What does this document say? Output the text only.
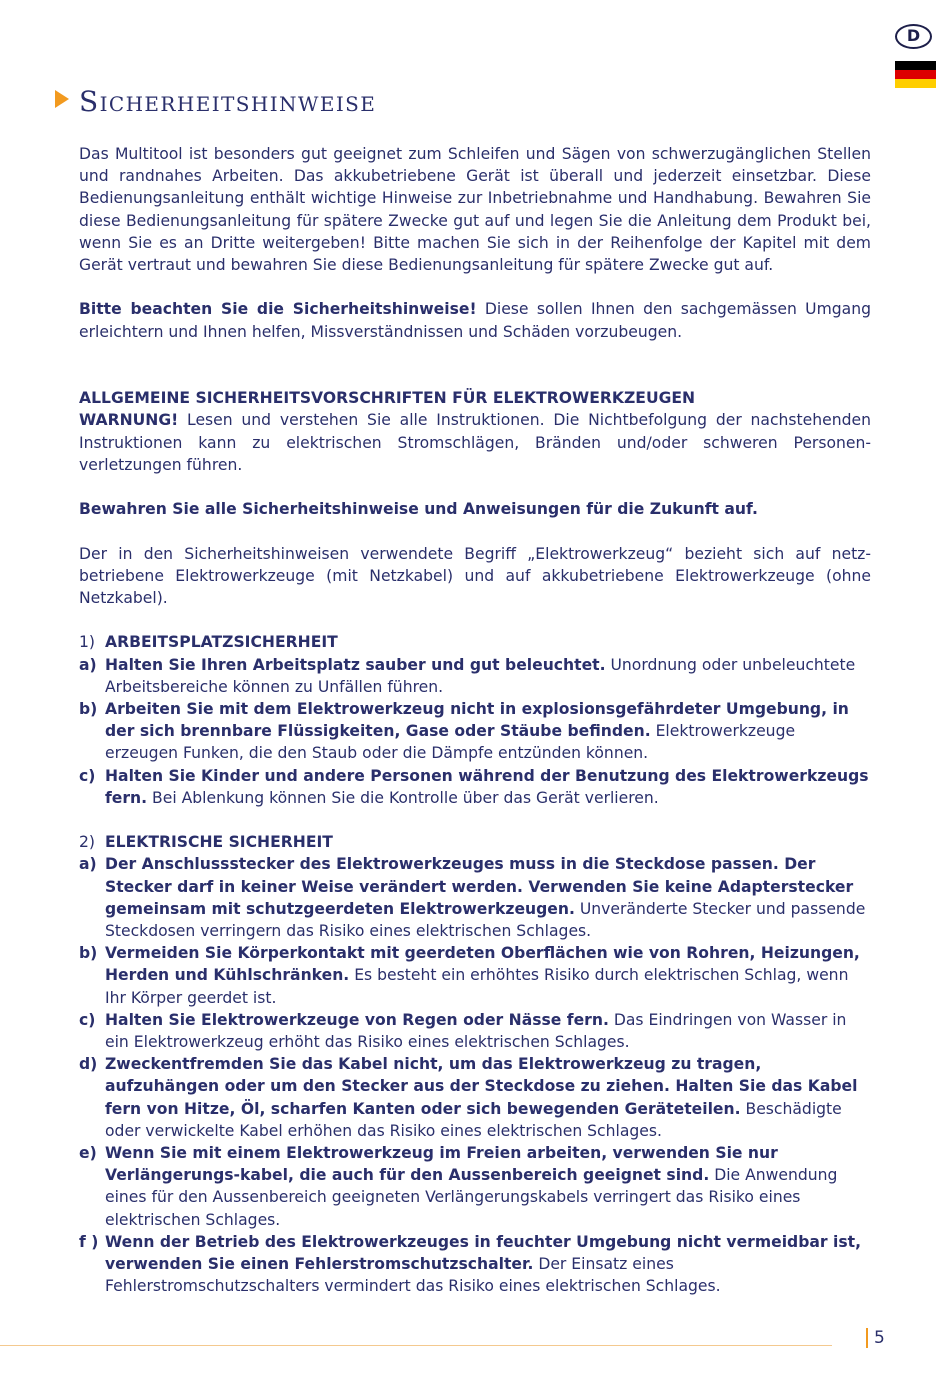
D
Sicherheitshinweise

Das Multitool ist besonders gut geeignet zum Schleifen und Sägen von schwerzugänglichen Stellen und randnahes Arbeiten. Das akkubetriebene Gerät ist überall und jederzeit einsetzbar. Diese Bedienungsanleitung enthält wichtige Hinweise zur Inbetriebnahme und Handhabung. Bewahren Sie diese Bedienungsanleitung für spätere Zwecke gut auf und legen Sie die Anleitung dem Produkt bei, wenn Sie es an Dritte weitergeben! Bitte machen Sie sich in der Reihenfolge der Kapitel mit dem Gerät vertraut und bewahren Sie diese Bedienungsanleitung für spätere Zwecke gut auf.

Bitte beachten Sie die Sicherheitshinweise! Diese sollen Ihnen den sachgemässen Umgang erleichtern und Ihnen helfen, Missverständnissen und Schäden vorzubeugen.

ALLGEMEINE SICHERHEITSVORSCHRIFTEN FÜR ELEKTROWERKZEUGEN

WARNUNG! Lesen und verstehen Sie alle Instruktionen. Die Nichtbefolgung der nachstehenden Instruktionen kann zu elektrischen Stromschlägen, Bränden und/oder schweren Personen-verletzungen führen.

Bewahren Sie alle Sicherheitshinweise und Anweisungen für die Zukunft auf.

Der in den Sicherheitshinweisen verwendete Begriff „Elektrowerkzeug“ bezieht sich auf netz-betriebene Elektrowerkzeuge (mit Netzkabel) und auf akkubetriebene Elektrowerkzeuge (ohne Netzkabel).

1) ARBEITSPLATZSICHERHEIT
a) Halten Sie Ihren Arbeitsplatz sauber und gut beleuchtet. Unordnung oder unbeleuchtete Arbeitsbereiche können zu Unfällen führen.
b) Arbeiten Sie mit dem Elektrowerkzeug nicht in explosionsgefährdeter Umgebung, in der sich brennbare Flüssigkeiten, Gase oder Stäube befinden. Elektrowerkzeuge erzeugen Funken, die den Staub oder die Dämpfe entzünden können.
c) Halten Sie Kinder und andere Personen während der Benutzung des Elektrowerkzeugs fern. Bei Ablenkung können Sie die Kontrolle über das Gerät verlieren.
2) ELEKTRISCHE SICHERHEIT
a) Der Anschlussstecker des Elektrowerkzeuges muss in die Steckdose passen. Der Stecker darf in keiner Weise verändert werden. Verwenden Sie keine Adapterstecker gemeinsam mit schutzgeerdeten Elektrowerkzeugen. Unveränderte Stecker und passende Steckdosen verringern das Risiko eines elektrischen Schlages.
b) Vermeiden Sie Körperkontakt mit geerdeten Oberflächen wie von Rohren, Heizungen, Herden und Kühlschränken. Es besteht ein erhöhtes Risiko durch elektrischen Schlag, wenn Ihr Körper geerdet ist.
c) Halten Sie Elektrowerkzeuge von Regen oder Nässe fern. Das Eindringen von Wasser in ein Elektrowerkzeug erhöht das Risiko eines elektrischen Schlages.
d) Zweckentfremden Sie das Kabel nicht, um das Elektrowerkzeug zu tragen, aufzuhängen oder um den Stecker aus der Steckdose zu ziehen. Halten Sie das Kabel fern von Hitze, Öl, scharfen Kanten oder sich bewegenden Geräteteilen. Beschädigte oder verwickelte Kabel erhöhen das Risiko eines elektrischen Schlages.
e) Wenn Sie mit einem Elektrowerkzeug im Freien arbeiten, verwenden Sie nur Verlängerungs-kabel, die auch für den Aussenbereich geeignet sind. Die Anwendung eines für den Aussenbereich geeigneten Verlängerungskabels verringert das Risiko eines elektrischen Schlages.
f ) Wenn der Betrieb des Elektrowerkzeuges in feuchter Umgebung nicht vermeidbar ist, verwenden Sie einen Fehlerstromschutzschalter. Der Einsatz eines Fehlerstromschutzschalters vermindert das Risiko eines elektrischen Schlages.
5
